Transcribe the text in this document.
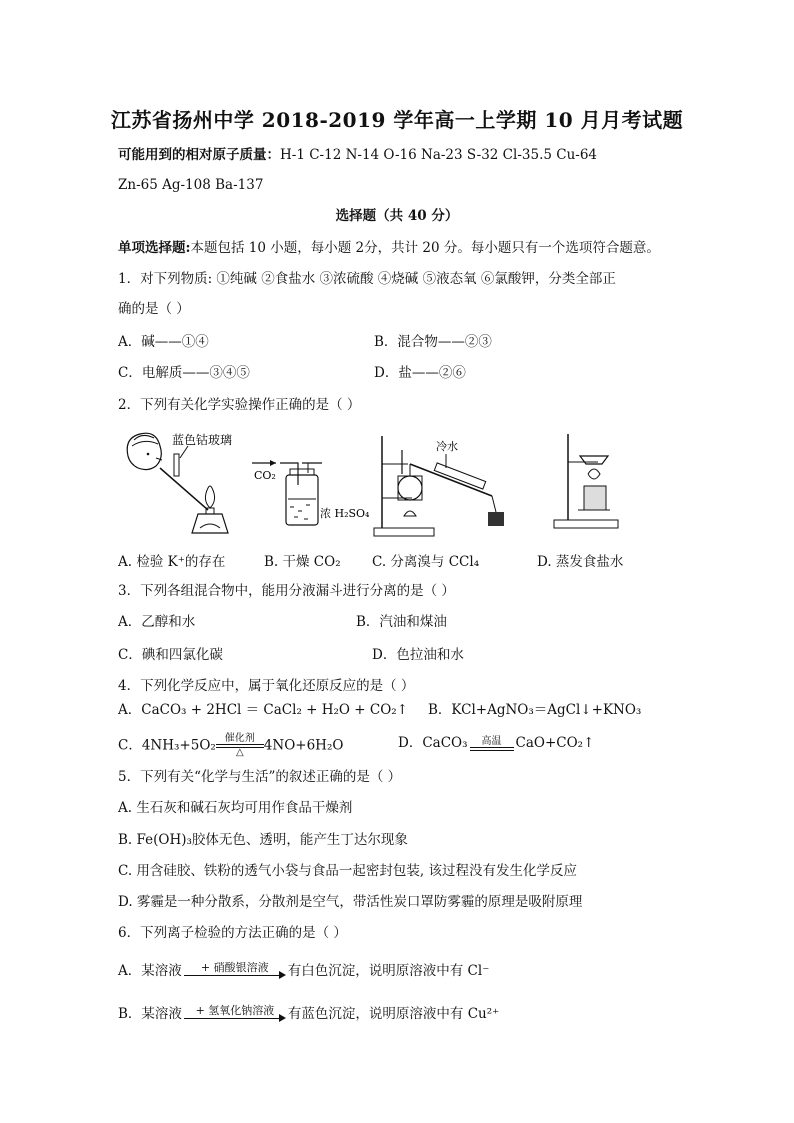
江苏省扬州中学 2018-2019 学年高一上学期 10 月月考试题
可能用到的相对原子质量：H-1 C-12 N-14 O-16 Na-23 S-32 Cl-35.5 Cu-64
Zn-65 Ag-108 Ba-137
选择题（共 40 分）
单项选择题:本题包括 10 小题，每小题 2分，共计 20 分。每小题只有一个选项符合题意。
1．对下列物质: ①纯碱 ②食盐水 ③浓硫酸 ④烧碱 ⑤液态氧 ⑥氯酸钾，分类全部正
确的是（ ）
A．碱——①④	B．混合物——②③
C．电解质——③④⑤	D．盐——②⑥
2．下列有关化学实验操作正确的是（ ）
蓝色钴玻璃
CO₂
浓 H₂SO₄
冷水
A. 检验 K⁺的存在	B. 干燥 CO₂ C. 分离溴与 CCl₄	D. 蒸发食盐水
3．下列各组混合物中，能用分液漏斗进行分离的是（ ）
A．乙醇和水	B．汽油和煤油
C．碘和四氯化碳	D．色拉油和水
4．下列化学反应中，属于氧化还原反应的是（ ）
A．CaCO₃ + 2HCl ＝ CaCl₂ + H₂O + CO₂↑ B．KCl+AgNO₃＝AgCl↓+KNO₃
C．4NH₃+5O₂ 催化剂
△	4NO+6H₂O	D．CaCO₃	高温	CaO+CO₂↑
5．下列有关“化学与生活”的叙述正确的是（ ）
A. 生石灰和碱石灰均可用作食品干燥剂
B. Fe(OH)₃胶体无色、透明，能产生丁达尔现象
C. 用含硅胶、铁粉的透气小袋与食品一起密封包装, 该过程没有发生化学反应
D. 雾霾是一种分散系，分散剂是空气，带活性炭口罩防雾霾的原理是吸附原理
6．下列离子检验的方法正确的是（ ）
A．某溶液	+ 硝酸银溶液	有白色沉淀，说明原溶液中有 Cl⁻
B．某溶液	+ 氢氧化钠溶液	有蓝色沉淀，说明原溶液中有 Cu²⁺
